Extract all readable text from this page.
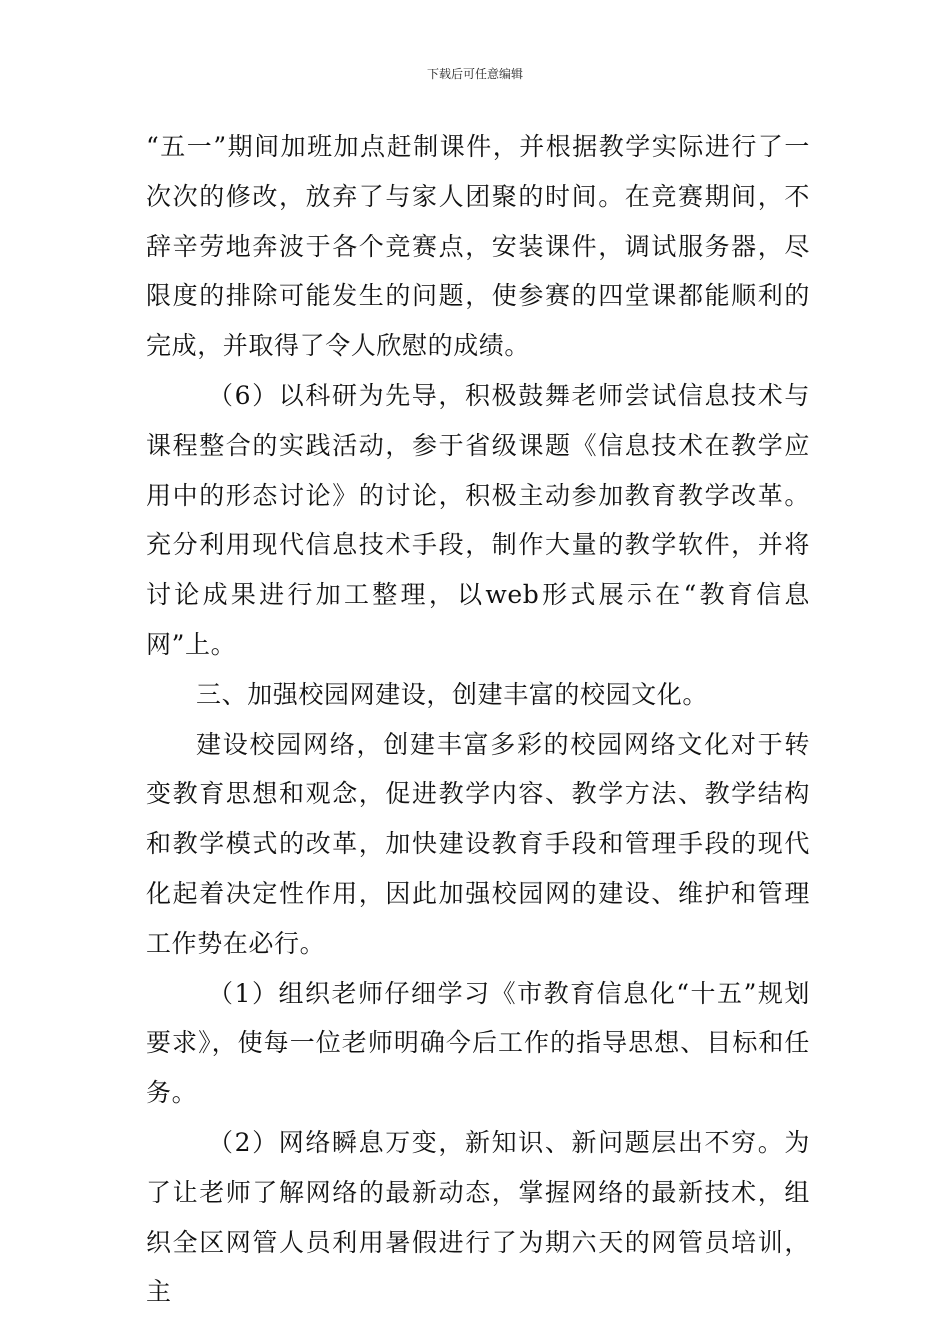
下载后可任意编辑

“五一”期间加班加点赶制课件，并根据教学实际进行了一次次的修改，放弃了与家人团聚的时间。在竞赛期间，不辞辛劳地奔波于各个竞赛点，安装课件，调试服务器，尽限度的排除可能发生的问题，使参赛的四堂课都能顺利的完成，并取得了令人欣慰的成绩。

（6）以科研为先导，积极鼓舞老师尝试信息技术与课程整合的实践活动，参于省级课题《信息技术在教学应用中的形态讨论》的讨论，积极主动参加教育教学改革。充分利用现代信息技术手段，制作大量的教学软件，并将讨论成果进行加工整理，以web形式展示在“教育信息网”上。

三、加强校园网建设，创建丰富的校园文化。

建设校园网络，创建丰富多彩的校园网络文化对于转变教育思想和观念，促进教学内容、教学方法、教学结构和教学模式的改革，加快建设教育手段和管理手段的现代化起着决定性作用，因此加强校园网的建设、维护和管理工作势在必行。

（1）组织老师仔细学习《市教育信息化“十五”规划要求》，使每一位老师明确今后工作的指导思想、目标和任务。

（2）网络瞬息万变，新知识、新问题层出不穷。为了让老师了解网络的最新动态，掌握网络的最新技术，组织全区网管人员利用暑假进行了为期六天的网管员培训，主
